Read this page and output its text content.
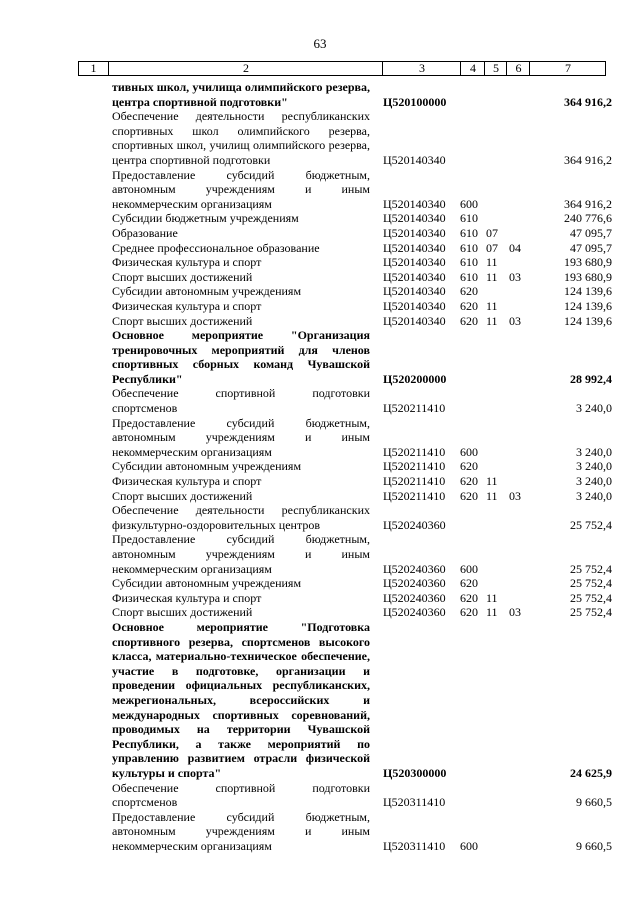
63
1	2	3	4	5	6	7
тивных школ, училища олимпийского резерва, центра спортивной подготовки"	Ц520100000	364 916,2
Обеспечение деятельности республиканских спортивных школ олимпийского резерва, спортивных школ, училищ олимпийского резерва, центра спортивной подготовки	Ц520140340	364 916,2
Предоставление субсидий бюджетным, автономным учреждениям и иным некоммерческим организациям	Ц520140340 600	364 916,2
Субсидии бюджетным учреждениям	Ц520140340 610	240 776,6
Образование	Ц520140340 610 07	47 095,7
Среднее профессиональное образование	Ц520140340 610 07 04	47 095,7
Физическая культура и спорт	Ц520140340 610 11	193 680,9
Спорт высших достижений	Ц520140340 610 11 03	193 680,9
Субсидии автономным учреждениям	Ц520140340 620	124 139,6
Физическая культура и спорт	Ц520140340 620 11	124 139,6
Спорт высших достижений	Ц520140340 620 11 03	124 139,6
Основное мероприятие "Организация тренировочных мероприятий для членов спортивных сборных команд Чувашской Республики"	Ц520200000	28 992,4
Обеспечение спортивной подготовки спортсменов	Ц520211410	3 240,0
Предоставление субсидий бюджетным, автономным учреждениям и иным некоммерческим организациям	Ц520211410 600	3 240,0
Субсидии автономным учреждениям	Ц520211410 620	3 240,0
Физическая культура и спорт	Ц520211410 620 11	3 240,0
Спорт высших достижений	Ц520211410 620 11 03	3 240,0
Обеспечение деятельности республиканских физкультурно-оздоровительных центров	Ц520240360	25 752,4
Предоставление субсидий бюджетным, автономным учреждениям и иным некоммерческим организациям	Ц520240360 600	25 752,4
Субсидии автономным учреждениям	Ц520240360 620	25 752,4
Физическая культура и спорт	Ц520240360 620 11	25 752,4
Спорт высших достижений	Ц520240360 620 11 03	25 752,4
Основное мероприятие "Подготовка спортивного резерва, спортсменов высокого класса, материально-техническое обеспечение, участие в подготовке, организации и проведении официальных республиканских, межрегиональных, всероссийских и международных спортивных соревнований, проводимых на территории Чувашской Республики, а также мероприятий по управлению развитием отрасли физической культуры и спорта"	Ц520300000	24 625,9
Обеспечение спортивной подготовки спортсменов	Ц520311410	9 660,5
Предоставление субсидий бюджетным, автономным учреждениям и иным некоммерческим организациям	Ц520311410 600	9 660,5
